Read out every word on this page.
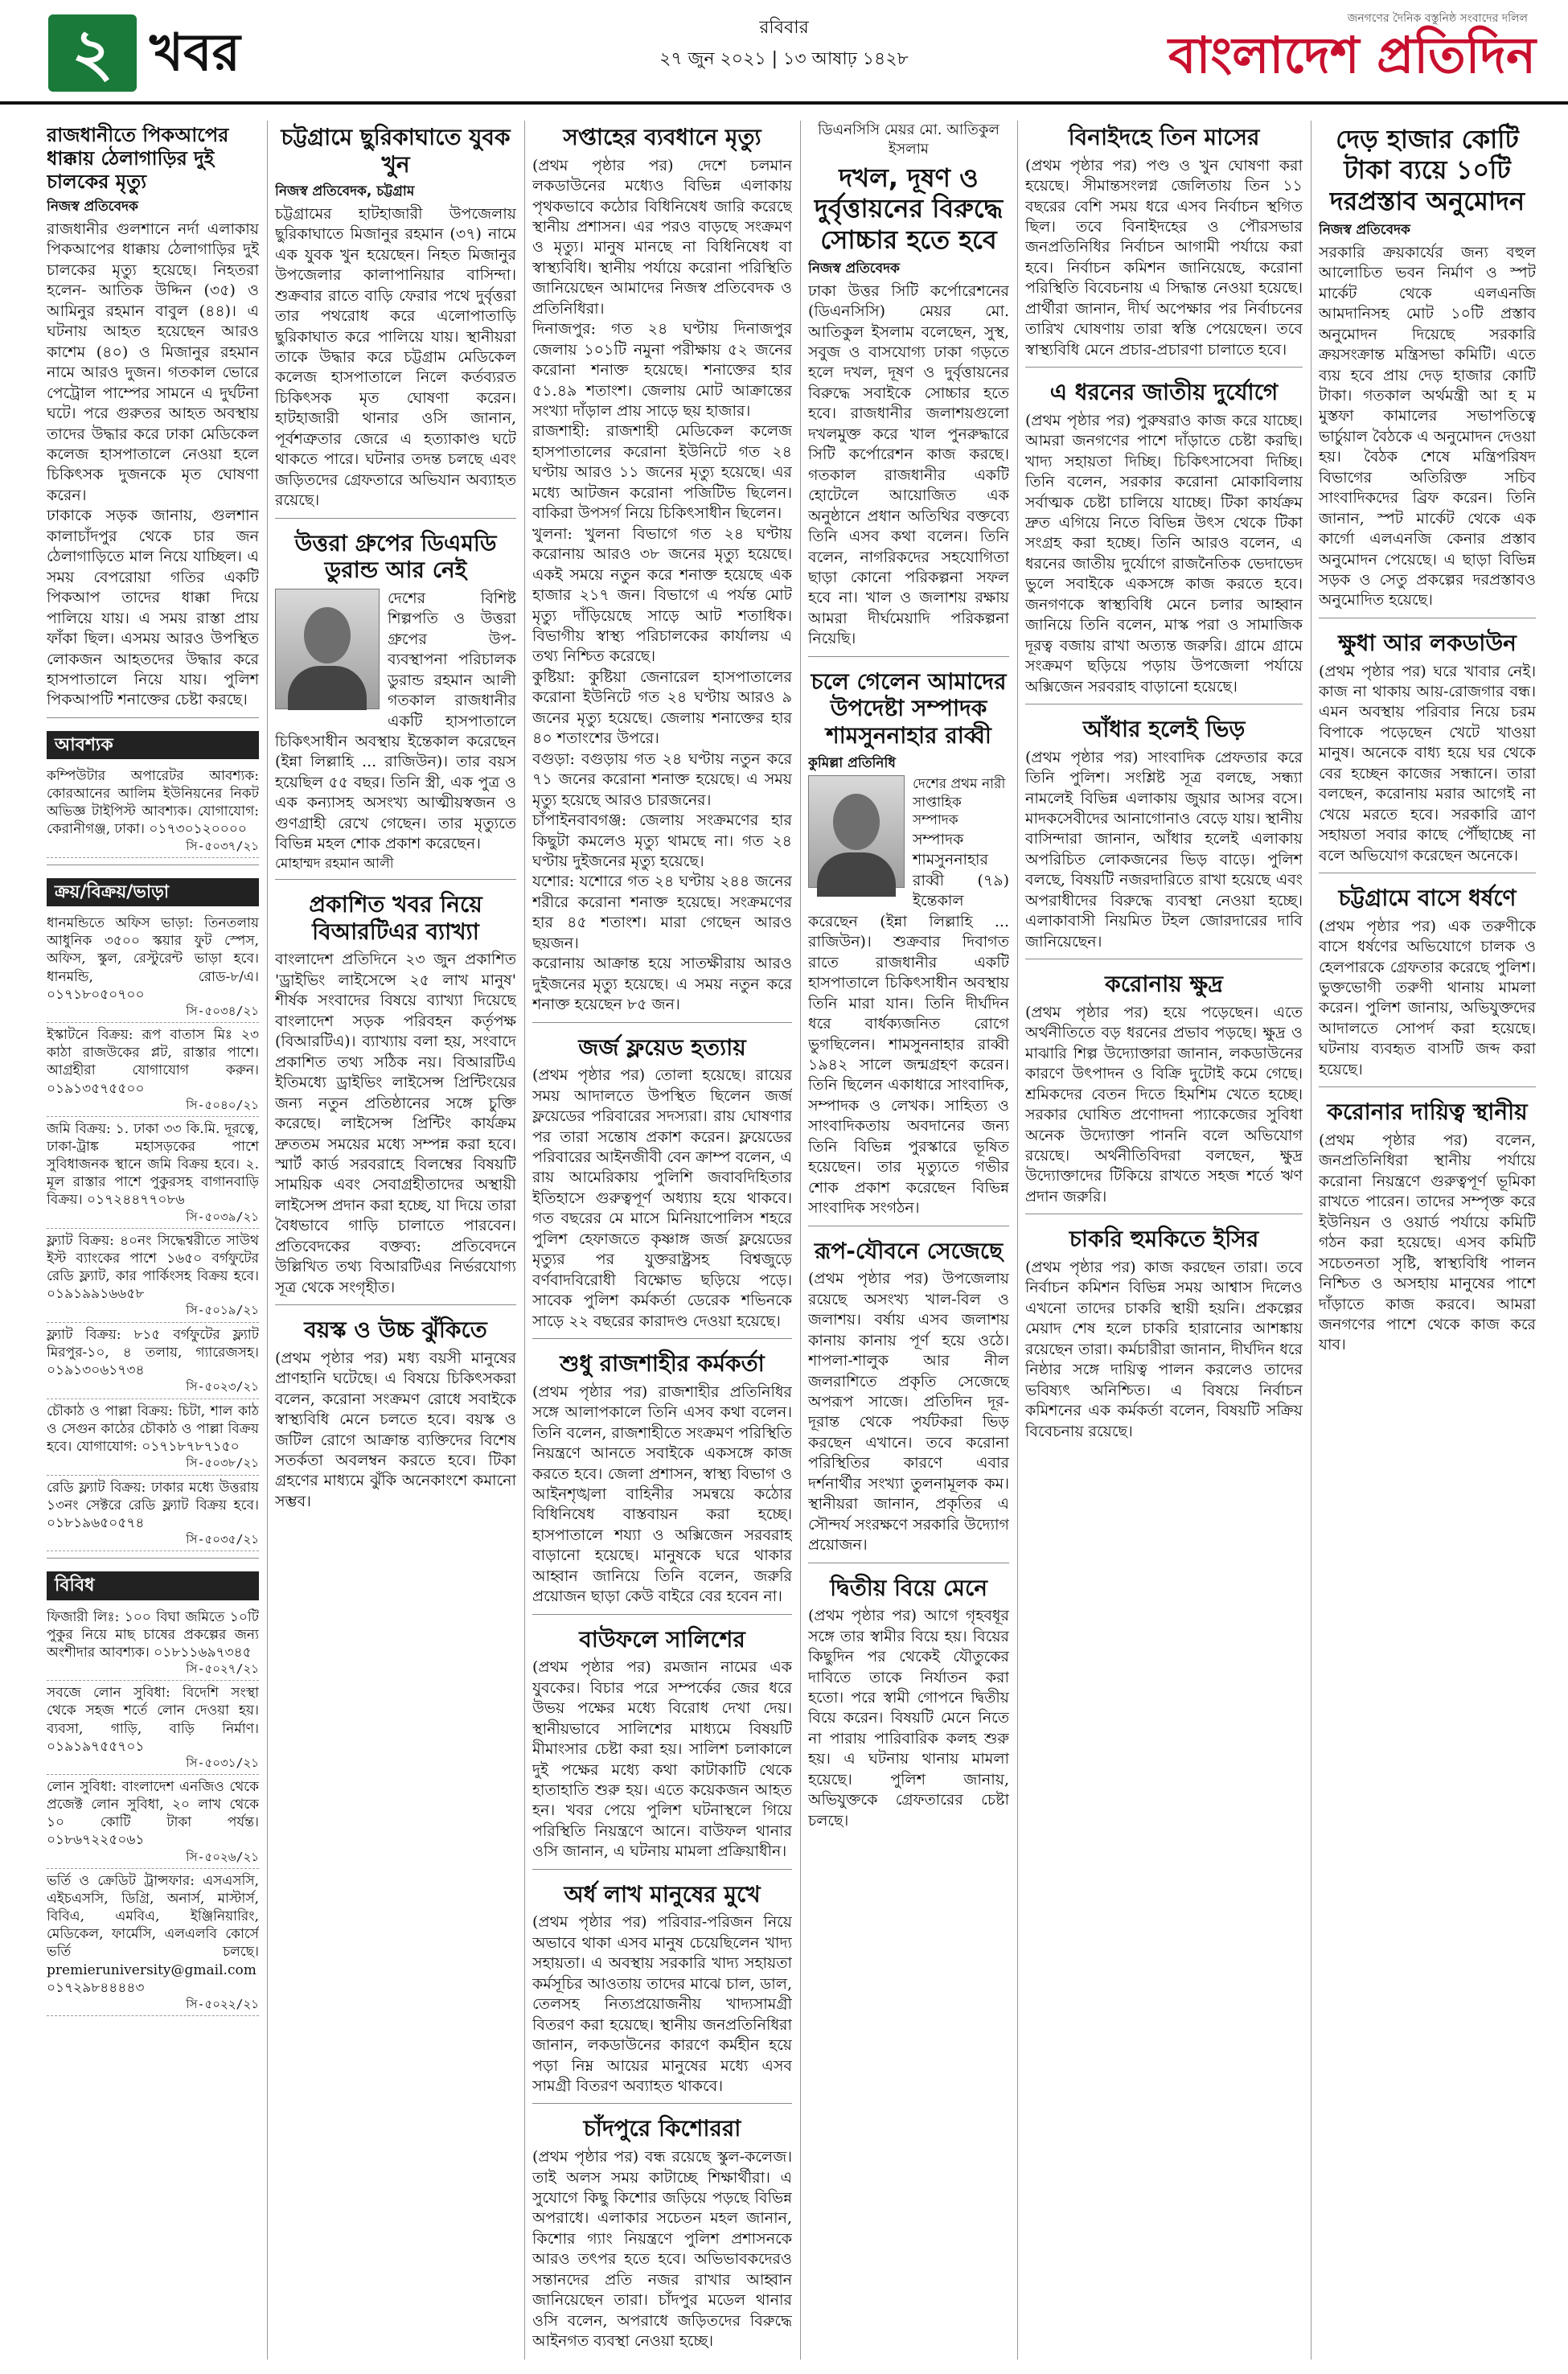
২ খবর	রবিবার
২৭ জুন ২০২১ | ১৩ আষাঢ় ১৪২৮
জনগণের দৈনিক বস্তুনিষ্ঠ সংবাদের দলিল
বাংলাদেশ প্রতিদিন
রাজধানীতে পিকআপের ধাক্কায় ঠেলাগাড়ির দুই চালকের মৃত্যু
নিজস্ব প্রতিবেদক
রাজধানীর গুলশানে নর্দা এলাকায় পিকআপের ধাক্কায় ঠেলাগাড়ির দুই চালকের মৃত্যু হয়েছে। নিহতরা হলেন- আতিক উদ্দিন (৩৫) ও আমিনুর রহমান বাবুল (৪৪)। এ ঘটনায় আহত হয়েছেন আরও কাশেম (৪০) ও মিজানুর রহমান নামে আরও দুজন। গতকাল ভোরে পেট্রোল পাম্পের সামনে এ দুর্ঘটনা ঘটে। পরে গুরুতর আহত অবস্থায় তাদের উদ্ধার করে ঢাকা মেডিকেল কলেজ হাসপাতালে নেওয়া হলে চিকিৎসক দুজনকে মৃত ঘোষণা করেন।
ঢাকাকে সড়ক জানায়, গুলশান কালাচাঁদপুর থেকে চার জন ঠেলাগাড়িতে মাল নিয়ে যাচ্ছিল। এ সময় বেপরোয়া গতির একটি পিকআপ তাদের ধাক্কা দিয়ে পালিয়ে যায়। এ সময় রাস্তা প্রায় ফাঁকা ছিল। এসময় আরও উপস্থিত লোকজন আহতদের উদ্ধার করে হাসপাতালে নিয়ে যায়। পুলিশ পিকআপটি শনাক্তের চেষ্টা করছে।
আবশ্যক
কম্পিউটার অপারেটর আবশ্যক: কোরআনের আলিম ইউনিয়নের নিকট অভিজ্ঞ টাইপিস্ট আবশ্যক। যোগাযোগ: কেরানীগঞ্জ, ঢাকা। ০১৭৩০১২০০০০
সি-৫০৩৭/২১
ক্রয়/বিক্রয়/ভাড়া
ধানমন্ডিতে অফিস ভাড়া: তিনতলায় আধুনিক ৩৫০০ স্কয়ার ফুট স্পেস, অফিস, স্কুল, রেস্টুরেন্ট ভাড়া হবে। ধানমন্ডি, রোড-৮/এ। ০১৭১৮০৫০৭০০
সি-৫০৩৪/২১
ইস্কাটনে বিক্রয়: রূপ বাতাস মিঃ ২৩ কাঠা রাজউকের প্লট, রাস্তার পাশে। আগ্রহীরা যোগাযোগ করুন। ০১৯১৩৫৭৫৫০০
সি-৫০৪০/২১
জমি বিক্রয়: ১. ঢাকা ৩৩ কি.মি. দূরত্বে, ঢাকা-ট্রাঙ্ক মহাসড়কের পাশে সুবিধাজনক স্থানে জমি বিক্রয় হবে। ২. মূল রাস্তার পাশে পুকুরসহ বাগানবাড়ি বিক্রয়। ০১৭২৪৪৭৭০৮৬
সি-৫০৩৯/২১
ফ্ল্যাট বিক্রয়: ৪০নং সিদ্ধেশ্বরীতে সাউথ ইস্ট ব্যাংকের পাশে ১৬৫০ বর্গফুটের রেডি ফ্ল্যাট, কার পার্কিংসহ বিক্রয় হবে। ০১৯১৯৯১৬৬৫৮
সি-৫০১৯/২১
ফ্ল্যাট বিক্রয়: ৮১৫ বর্গফুটের ফ্ল্যাট মিরপুর-১০, ৪ তলায়, গ্যারেজসহ। ০১৯১৩০৬১৭৩৪
সি-৫০২৩/২১
চৌকাঠ ও পাল্লা বিক্রয়: চিটা, শাল কাঠ ও সেগুন কাঠের চৌকাঠ ও পাল্লা বিক্রয় হবে। যোগাযোগ: ০১৭১৮৭৮৭১৫০
সি-৫০৩৮/২১
রেডি ফ্ল্যাট বিক্রয়: ঢাকার মধ্যে উত্তরায় ১৩নং সেক্টরে রেডি ফ্ল্যাট বিক্রয় হবে। ০১৮১৯৬৫০৫৭৪
সি-৫০৩৫/২১
বিবিধ
ফিজারী লিঃ: ১০০ বিঘা জমিতে ১০টি পুকুর নিয়ে মাছ চাষের প্রকল্পের জন্য অংশীদার আবশ্যক। ০১৮১১৬৯৭৩৪৫
সি-৫০২৭/২১
সবজে লোন সুবিধা: বিদেশি সংস্থা থেকে সহজ শর্তে লোন দেওয়া হয়। ব্যবসা, গাড়ি, বাড়ি নির্মাণ। ০১৯১৯৭৫৫৭০১
সি-৫০৩১/২১
লোন সুবিধা: বাংলাদেশ এনজিও থেকে প্রজেক্ট লোন সুবিধা, ২০ লাখ থেকে ১০ কোটি টাকা পর্যন্ত। ০১৮৬৭২২৫০৬১
সি-৫০২৬/২১
ভর্তি ও ক্রেডিট ট্রান্সফার: এসএসসি, এইচএসসি, ডিগ্রি, অনার্স, মাস্টার্স, বিবিএ, এমবিএ, ইঞ্জিনিয়ারিং, মেডিকেল, ফার্মেসি, এলএলবি কোর্সে ভর্তি চলছে। premieruniversity@gmail.com ০১৭২৯৮৪৪৪৪৩
সি-৫০২২/২১
চট্টগ্রামে ছুরিকাঘাতে যুবক খুন
নিজস্ব প্রতিবেদক, চট্টগ্রাম
চট্টগ্রামের হাটহাজারী উপজেলায় ছুরিকাঘাতে মিজানুর রহমান (৩৭) নামে এক যুবক খুন হয়েছেন। নিহত মিজানুর উপজেলার কালাপানিয়ার বাসিন্দা। শুক্রবার রাতে বাড়ি ফেরার পথে দুর্বৃত্তরা তার পথরোধ করে এলোপাতাড়ি ছুরিকাঘাত করে পালিয়ে যায়। স্থানীয়রা তাকে উদ্ধার করে চট্টগ্রাম মেডিকেল কলেজ হাসপাতালে নিলে কর্তব্যরত চিকিৎসক মৃত ঘোষণা করেন। হাটহাজারী থানার ওসি জানান, পূর্বশত্রুতার জেরে এ হত্যাকাণ্ড ঘটে থাকতে পারে। ঘটনার তদন্ত চলছে এবং জড়িতদের গ্রেফতারে অভিযান অব্যাহত রয়েছে।
উত্তরা গ্রুপের ডিএমডি ডুরান্ড আর নেই
দেশের বিশিষ্ট শিল্পপতি ও উত্তরা গ্রুপের উপ-ব্যবস্থাপনা পরিচালক ডুরান্ড রহমান আলী গতকাল রাজধানীর একটি হাসপাতালে চিকিৎসাধীন অবস্থায় ইন্তেকাল করেছেন (ইন্না লিল্লাহি ... রাজিউন)। তার বয়স হয়েছিল ৫৫ বছর। তিনি স্ত্রী, এক পুত্র ও এক কন্যাসহ অসংখ্য আত্মীয়স্বজন ও গুণগ্রাহী রেখে গেছেন। তার মৃত্যুতে বিভিন্ন মহল শোক প্রকাশ করেছেন।
মোহাম্মদ রহমান আলী
প্রকাশিত খবর নিয়ে বিআরটিএর ব্যাখ্যা
বাংলাদেশ প্রতিদিনে ২৩ জুন প্রকাশিত 'ড্রাইভিং লাইসেন্সে ২৫ লাখ মানুষ' শীর্ষক সংবাদের বিষয়ে ব্যাখ্যা দিয়েছে বাংলাদেশ সড়ক পরিবহন কর্তৃপক্ষ (বিআরটিএ)। ব্যাখ্যায় বলা হয়, সংবাদে প্রকাশিত তথ্য সঠিক নয়। বিআরটিএ ইতিমধ্যে ড্রাইভিং লাইসেন্স প্রিন্টিংয়ের জন্য নতুন প্রতিষ্ঠানের সঙ্গে চুক্তি করেছে। লাইসেন্স প্রিন্টিং কার্যক্রম দ্রুততম সময়ের মধ্যে সম্পন্ন করা হবে। স্মার্ট কার্ড সরবরাহে বিলম্বের বিষয়টি সাময়িক এবং সেবাগ্রহীতাদের অস্থায়ী লাইসেন্স প্রদান করা হচ্ছে, যা দিয়ে তারা বৈধভাবে গাড়ি চালাতে পারবেন। প্রতিবেদকের বক্তব্য: প্রতিবেদনে উল্লিখিত তথ্য বিআরটিএর নির্ভরযোগ্য সূত্র থেকে সংগৃহীত।
বয়স্ক ও উচ্চ ঝুঁকিতে
(প্রথম পৃষ্ঠার পর) মধ্য বয়সী মানুষের প্রাণহানি ঘটেছে। এ বিষয়ে চিকিৎসকরা বলেন, করোনা সংক্রমণ রোধে সবাইকে স্বাস্থ্যবিধি মেনে চলতে হবে। বয়স্ক ও জটিল রোগে আক্রান্ত ব্যক্তিদের বিশেষ সতর্কতা অবলম্বন করতে হবে। টিকা গ্রহণের মাধ্যমে ঝুঁকি অনেকাংশে কমানো সম্ভব।
সপ্তাহের ব্যবধানে মৃত্যু
(প্রথম পৃষ্ঠার পর) দেশে চলমান লকডাউনের মধ্যেও বিভিন্ন এলাকায় পৃথকভাবে কঠোর বিধিনিষেধ জারি করেছে স্থানীয় প্রশাসন। এর পরও বাড়ছে সংক্রমণ ও মৃত্যু। মানুষ মানছে না বিধিনিষেধ বা স্বাস্থ্যবিধি। স্থানীয় পর্যায়ে করোনা পরিস্থিতি জানিয়েছেন আমাদের নিজস্ব প্রতিবেদক ও প্রতিনিধিরা।
দিনাজপুর: গত ২৪ ঘণ্টায় দিনাজপুর জেলায় ১০১টি নমুনা পরীক্ষায় ৫২ জনের করোনা শনাক্ত হয়েছে। শনাক্তের হার ৫১.৪৯ শতাংশ। জেলায় মোট আক্রান্তের সংখ্যা দাঁড়াল প্রায় সাড়ে ছয় হাজার।
রাজশাহী: রাজশাহী মেডিকেল কলেজ হাসপাতালের করোনা ইউনিটে গত ২৪ ঘণ্টায় আরও ১১ জনের মৃত্যু হয়েছে। এর মধ্যে আটজন করোনা পজিটিভ ছিলেন। বাকিরা উপসর্গ নিয়ে চিকিৎসাধীন ছিলেন।
খুলনা: খুলনা বিভাগে গত ২৪ ঘণ্টায় করোনায় আরও ৩৮ জনের মৃত্যু হয়েছে। একই সময়ে নতুন করে শনাক্ত হয়েছে এক হাজার ২১৭ জন। বিভাগে এ পর্যন্ত মোট মৃত্যু দাঁড়িয়েছে সাড়ে আট শতাধিক। বিভাগীয় স্বাস্থ্য পরিচালকের কার্যালয় এ তথ্য নিশ্চিত করেছে।
কুষ্টিয়া: কুষ্টিয়া জেনারেল হাসপাতালের করোনা ইউনিটে গত ২৪ ঘণ্টায় আরও ৯ জনের মৃত্যু হয়েছে। জেলায় শনাক্তের হার ৪০ শতাংশের উপরে।
বগুড়া: বগুড়ায় গত ২৪ ঘণ্টায় নতুন করে ৭১ জনের করোনা শনাক্ত হয়েছে। এ সময় মৃত্যু হয়েছে আরও চারজনের।
চাঁপাইনবাবগঞ্জ: জেলায় সংক্রমণের হার কিছুটা কমলেও মৃত্যু থামছে না। গত ২৪ ঘণ্টায় দুইজনের মৃত্যু হয়েছে।
যশোর: যশোরে গত ২৪ ঘণ্টায় ২৪৪ জনের শরীরে করোনা শনাক্ত হয়েছে। সংক্রমণের হার ৪৫ শতাংশ। মারা গেছেন আরও ছয়জন।
করোনায় আক্রান্ত হয়ে সাতক্ষীরায় আরও দুইজনের মৃত্যু হয়েছে। এ সময় নতুন করে শনাক্ত হয়েছেন ৮৫ জন।
জর্জ ফ্লয়েড হত্যায়
(প্রথম পৃষ্ঠার পর) তোলা হয়েছে। রায়ের সময় আদালতে উপস্থিত ছিলেন জর্জ ফ্লয়েডের পরিবারের সদস্যরা। রায় ঘোষণার পর তারা সন্তোষ প্রকাশ করেন। ফ্লয়েডের পরিবারের আইনজীবী বেন ক্রাম্প বলেন, এ রায় আমেরিকায় পুলিশি জবাবদিহিতার ইতিহাসে গুরুত্বপূর্ণ অধ্যায় হয়ে থাকবে। গত বছরের মে মাসে মিনিয়াপোলিস শহরে পুলিশ হেফাজতে কৃষ্ণাঙ্গ জর্জ ফ্লয়েডের মৃত্যুর পর যুক্তরাষ্ট্রসহ বিশ্বজুড়ে বর্ণবাদবিরোধী বিক্ষোভ ছড়িয়ে পড়ে। সাবেক পুলিশ কর্মকর্তা ডেরেক শভিনকে সাড়ে ২২ বছরের কারাদণ্ড দেওয়া হয়েছে।
শুধু রাজশাহীর কর্মকর্তা
(প্রথম পৃষ্ঠার পর) রাজশাহীর প্রতিনিধির সঙ্গে আলাপকালে তিনি এসব কথা বলেন। তিনি বলেন, রাজশাহীতে সংক্রমণ পরিস্থিতি নিয়ন্ত্রণে আনতে সবাইকে একসঙ্গে কাজ করতে হবে। জেলা প্রশাসন, স্বাস্থ্য বিভাগ ও আইনশৃঙ্খলা বাহিনীর সমন্বয়ে কঠোর বিধিনিষেধ বাস্তবায়ন করা হচ্ছে। হাসপাতালে শয্যা ও অক্সিজেন সরবরাহ বাড়ানো হয়েছে। মানুষকে ঘরে থাকার আহ্বান জানিয়ে তিনি বলেন, জরুরি প্রয়োজন ছাড়া কেউ বাইরে বের হবেন না।
বাউফলে সালিশের
(প্রথম পৃষ্ঠার পর) রমজান নামের এক যুবকের। বিচার পরে সম্পর্কের জের ধরে উভয় পক্ষের মধ্যে বিরোধ দেখা দেয়। স্থানীয়ভাবে সালিশের মাধ্যমে বিষয়টি মীমাংসার চেষ্টা করা হয়। সালিশ চলাকালে দুই পক্ষের মধ্যে কথা কাটাকাটি থেকে হাতাহাতি শুরু হয়। এতে কয়েকজন আহত হন। খবর পেয়ে পুলিশ ঘটনাস্থলে গিয়ে পরিস্থিতি নিয়ন্ত্রণে আনে। বাউফল থানার ওসি জানান, এ ঘটনায় মামলা প্রক্রিয়াধীন।
অর্ধ লাখ মানুষের মুখে
(প্রথম পৃষ্ঠার পর) পরিবার-পরিজন নিয়ে অভাবে থাকা এসব মানুষ চেয়েছিলেন খাদ্য সহায়তা। এ অবস্থায় সরকারি খাদ্য সহায়তা কর্মসূচির আওতায় তাদের মাঝে চাল, ডাল, তেলসহ নিত্যপ্রয়োজনীয় খাদ্যসামগ্রী বিতরণ করা হয়েছে। স্থানীয় জনপ্রতিনিধিরা জানান, লকডাউনের কারণে কর্মহীন হয়ে পড়া নিম্ন আয়ের মানুষের মধ্যে এসব সামগ্রী বিতরণ অব্যাহত থাকবে।
চাঁদপুরে কিশোররা
(প্রথম পৃষ্ঠার পর) বন্ধ রয়েছে স্কুল-কলেজ। তাই অলস সময় কাটাচ্ছে শিক্ষার্থীরা। এ সুযোগে কিছু কিশোর জড়িয়ে পড়ছে বিভিন্ন অপরাধে। এলাকার সচেতন মহল জানান, কিশোর গ্যাং নিয়ন্ত্রণে পুলিশ প্রশাসনকে আরও তৎপর হতে হবে। অভিভাবকদেরও সন্তানদের প্রতি নজর রাখার আহ্বান জানিয়েছেন তারা। চাঁদপুর মডেল থানার ওসি বলেন, অপরাধে জড়িতদের বিরুদ্ধে আইনগত ব্যবস্থা নেওয়া হচ্ছে।
ডিএনসিসি মেয়র মো. আতিকুল ইসলাম
দখল, দূষণ ও দুর্বৃত্তায়নের বিরুদ্ধে সোচ্চার হতে হবে
নিজস্ব প্রতিবেদক
ঢাকা উত্তর সিটি কর্পোরেশনের (ডিএনসিসি) মেয়র মো. আতিকুল ইসলাম বলেছেন, সুস্থ, সবুজ ও বাসযোগ্য ঢাকা গড়তে হলে দখল, দূষণ ও দুর্বৃত্তায়নের বিরুদ্ধে সবাইকে সোচ্চার হতে হবে। রাজধানীর জলাশয়গুলো দখলমুক্ত করে খাল পুনরুদ্ধারে সিটি কর্পোরেশন কাজ করছে। গতকাল রাজধানীর একটি হোটেলে আয়োজিত এক অনুষ্ঠানে প্রধান অতিথির বক্তব্যে তিনি এসব কথা বলেন। তিনি বলেন, নাগরিকদের সহযোগিতা ছাড়া কোনো পরিকল্পনা সফল হবে না। খাল ও জলাশয় রক্ষায় আমরা দীর্ঘমেয়াদি পরিকল্পনা নিয়েছি।
চলে গেলেন আমাদের উপদেষ্টা সম্পাদক শামসুননাহার রাব্বী
কুমিল্লা প্রতিনিধি
দেশের প্রথম নারী সাপ্তাহিক সম্পাদক
সম্পাদক শামসুননাহার রাব্বী (৭৯) ইন্তেকাল করেছেন (ইন্না লিল্লাহি ... রাজিউন)। শুক্রবার দিবাগত রাতে রাজধানীর একটি হাসপাতালে চিকিৎসাধীন অবস্থায় তিনি মারা যান। তিনি দীর্ঘদিন ধরে বার্ধক্যজনিত রোগে ভুগছিলেন। শামসুননাহার রাব্বী ১৯৪২ সালে জন্মগ্রহণ করেন। তিনি ছিলেন একাধারে সাংবাদিক, সম্পাদক ও লেখক। সাহিত্য ও সাংবাদিকতায় অবদানের জন্য তিনি বিভিন্ন পুরস্কারে ভূষিত হয়েছেন। তার মৃত্যুতে গভীর শোক প্রকাশ করেছেন বিভিন্ন সাংবাদিক সংগঠন।
রূপ-যৌবনে সেজেছে
(প্রথম পৃষ্ঠার পর) উপজেলায় রয়েছে অসংখ্য খাল-বিল ও জলাশয়। বর্ষায় এসব জলাশয় কানায় কানায় পূর্ণ হয়ে ওঠে। শাপলা-শালুক আর নীল জলরাশিতে প্রকৃতি সেজেছে অপরূপ সাজে। প্রতিদিন দূর-দূরান্ত থেকে পর্যটকরা ভিড় করছেন এখানে। তবে করোনা পরিস্থিতির কারণে এবার দর্শনার্থীর সংখ্যা তুলনামূলক কম। স্থানীয়রা জানান, প্রকৃতির এ সৌন্দর্য সংরক্ষণে সরকারি উদ্যোগ প্রয়োজন।
দ্বিতীয় বিয়ে মেনে
(প্রথম পৃষ্ঠার পর) আগে গৃহবধূর সঙ্গে তার স্বামীর বিয়ে হয়। বিয়ের কিছুদিন পর থেকেই যৌতুকের দাবিতে তাকে নির্যাতন করা হতো। পরে স্বামী গোপনে দ্বিতীয় বিয়ে করেন। বিষয়টি মেনে নিতে না পারায় পারিবারিক কলহ শুরু হয়। এ ঘটনায় থানায় মামলা হয়েছে। পুলিশ জানায়, অভিযুক্তকে গ্রেফতারের চেষ্টা চলছে।
বিনাইদহে তিন মাসের
(প্রথম পৃষ্ঠার পর) পণ্ড ও খুন ঘোষণা করা হয়েছে। সীমান্তসংলগ্ন জেলিতায় তিন ১১ বছরের বেশি সময় ধরে এসব নির্বাচন স্থগিত ছিল। তবে বিনাইদহের ও পৌরসভার জনপ্রতিনিধির নির্বাচন আগামী পর্যায়ে করা হবে। নির্বাচন কমিশন জানিয়েছে, করোনা পরিস্থিতি বিবেচনায় এ সিদ্ধান্ত নেওয়া হয়েছে। প্রার্থীরা জানান, দীর্ঘ অপেক্ষার পর নির্বাচনের তারিখ ঘোষণায় তারা স্বস্তি পেয়েছেন। তবে স্বাস্থ্যবিধি মেনে প্রচার-প্রচারণা চালাতে হবে।
এ ধরনের জাতীয় দুর্যোগে
(প্রথম পৃষ্ঠার পর) পুরুষরাও কাজ করে যাচ্ছে। আমরা জনগণের পাশে দাঁড়াতে চেষ্টা করছি। খাদ্য সহায়তা দিচ্ছি। চিকিৎসাসেবা দিচ্ছি। তিনি বলেন, সরকার করোনা মোকাবিলায় সর্বাত্মক চেষ্টা চালিয়ে যাচ্ছে। টিকা কার্যক্রম দ্রুত এগিয়ে নিতে বিভিন্ন উৎস থেকে টিকা সংগ্রহ করা হচ্ছে। তিনি আরও বলেন, এ ধরনের জাতীয় দুর্যোগে রাজনৈতিক ভেদাভেদ ভুলে সবাইকে একসঙ্গে কাজ করতে হবে। জনগণকে স্বাস্থ্যবিধি মেনে চলার আহ্বান জানিয়ে তিনি বলেন, মাস্ক পরা ও সামাজিক দূরত্ব বজায় রাখা অত্যন্ত জরুরি। গ্রামে গ্রামে সংক্রমণ ছড়িয়ে পড়ায় উপজেলা পর্যায়ে অক্সিজেন সরবরাহ বাড়ানো হয়েছে।
আঁধার হলেই ভিড়
(প্রথম পৃষ্ঠার পর) সাংবাদিক প্রেফতার করে তিনি পুলিশ। সংশ্লিষ্ট সূত্র বলছে, সন্ধ্যা নামলেই বিভিন্ন এলাকায় জুয়ার আসর বসে। মাদকসেবীদের আনাগোনাও বেড়ে যায়। স্থানীয় বাসিন্দারা জানান, আঁধার হলেই এলাকায় অপরিচিত লোকজনের ভিড় বাড়ে। পুলিশ বলছে, বিষয়টি নজরদারিতে রাখা হয়েছে এবং অপরাধীদের বিরুদ্ধে ব্যবস্থা নেওয়া হচ্ছে। এলাকাবাসী নিয়মিত টহল জোরদারের দাবি জানিয়েছেন।
করোনায় ক্ষুদ্র
(প্রথম পৃষ্ঠার পর) হয়ে পড়েছেন। এতে অর্থনীতিতে বড় ধরনের প্রভাব পড়ছে। ক্ষুদ্র ও মাঝারি শিল্প উদ্যোক্তারা জানান, লকডাউনের কারণে উৎপাদন ও বিক্রি দুটোই কমে গেছে। শ্রমিকদের বেতন দিতে হিমশিম খেতে হচ্ছে। সরকার ঘোষিত প্রণোদনা প্যাকেজের সুবিধা অনেক উদ্যোক্তা পাননি বলে অভিযোগ রয়েছে। অর্থনীতিবিদরা বলছেন, ক্ষুদ্র উদ্যোক্তাদের টিকিয়ে রাখতে সহজ শর্তে ঋণ প্রদান জরুরি।
চাকরি হুমকিতে ইসির
(প্রথম পৃষ্ঠার পর) কাজ করছেন তারা। তবে নির্বাচন কমিশন বিভিন্ন সময় আশ্বাস দিলেও এখনো তাদের চাকরি স্থায়ী হয়নি। প্রকল্পের মেয়াদ শেষ হলে চাকরি হারানোর আশঙ্কায় রয়েছেন তারা। কর্মচারীরা জানান, দীর্ঘদিন ধরে নিষ্ঠার সঙ্গে দায়িত্ব পালন করলেও তাদের ভবিষ্যৎ অনিশ্চিত। এ বিষয়ে নির্বাচন কমিশনের এক কর্মকর্তা বলেন, বিষয়টি সক্রিয় বিবেচনায় রয়েছে।
দেড় হাজার কোটি টাকা ব্যয়ে ১০টি দরপ্রস্তাব অনুমোদন
নিজস্ব প্রতিবেদক
সরকারি ক্রয়কার্যের জন্য বহুল আলোচিত ভবন নির্মাণ ও স্পট মার্কেট থেকে এলএনজি আমদানিসহ মোট ১০টি প্রস্তাব অনুমোদন দিয়েছে সরকারি ক্রয়সংক্রান্ত মন্ত্রিসভা কমিটি। এতে ব্যয় হবে প্রায় দেড় হাজার কোটি টাকা। গতকাল অর্থমন্ত্রী আ হ ম মুস্তফা কামালের সভাপতিত্বে ভার্চুয়াল বৈঠকে এ অনুমোদন দেওয়া হয়। বৈঠক শেষে মন্ত্রিপরিষদ বিভাগের অতিরিক্ত সচিব সাংবাদিকদের ব্রিফ করেন। তিনি জানান, স্পট মার্কেট থেকে এক কার্গো এলএনজি কেনার প্রস্তাব অনুমোদন পেয়েছে। এ ছাড়া বিভিন্ন সড়ক ও সেতু প্রকল্পের দরপ্রস্তাবও অনুমোদিত হয়েছে।
ক্ষুধা আর লকডাউন
(প্রথম পৃষ্ঠার পর) ঘরে খাবার নেই। কাজ না থাকায় আয়-রোজগার বন্ধ। এমন অবস্থায় পরিবার নিয়ে চরম বিপাকে পড়েছেন খেটে খাওয়া মানুষ। অনেকে বাধ্য হয়ে ঘর থেকে বের হচ্ছেন কাজের সন্ধানে। তারা বলছেন, করোনায় মরার আগেই না খেয়ে মরতে হবে। সরকারি ত্রাণ সহায়তা সবার কাছে পৌঁছাচ্ছে না বলে অভিযোগ করেছেন অনেকে।
চট্টগ্রামে বাসে ধর্ষণে
(প্রথম পৃষ্ঠার পর) এক তরুণীকে বাসে ধর্ষণের অভিযোগে চালক ও হেলপারকে গ্রেফতার করেছে পুলিশ। ভুক্তভোগী তরুণী থানায় মামলা করেন। পুলিশ জানায়, অভিযুক্তদের আদালতে সোপর্দ করা হয়েছে। ঘটনায় ব্যবহৃত বাসটি জব্দ করা হয়েছে।
করোনার দায়িত্ব স্থানীয়
(প্রথম পৃষ্ঠার পর) বলেন, জনপ্রতিনিধিরা স্থানীয় পর্যায়ে করোনা নিয়ন্ত্রণে গুরুত্বপূর্ণ ভূমিকা রাখতে পারেন। তাদের সম্পৃক্ত করে ইউনিয়ন ও ওয়ার্ড পর্যায়ে কমিটি গঠন করা হয়েছে। এসব কমিটি সচেতনতা সৃষ্টি, স্বাস্থ্যবিধি পালন নিশ্চিত ও অসহায় মানুষের পাশে দাঁড়াতে কাজ করবে। আমরা জনগণের পাশে থেকে কাজ করে যাব।
